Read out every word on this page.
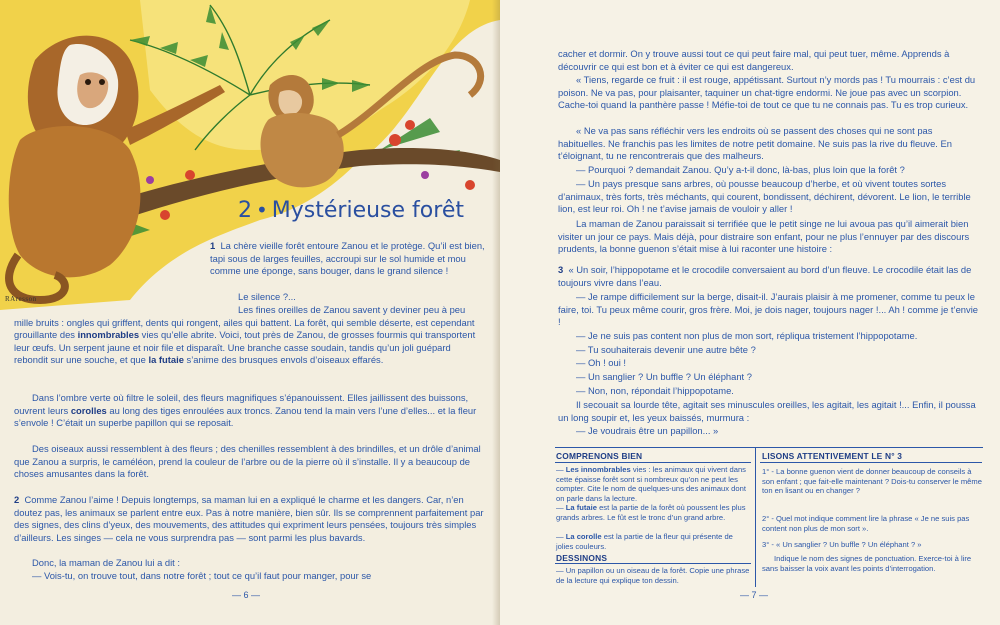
RAresson
2 • Mystérieuse forêt
1 La chère vieille forêt entoure Zanou et le protège. Qu’il est bien, tapi sous de larges feuilles, accroupi sur le sol humide et mou comme une éponge, sans bouger, dans le grand silence !
Le silence ?...
Les fines oreilles de Zanou savent y deviner peu à peu mille bruits : ongles qui griffent, dents qui rongent, ailes qui battent. La forêt, qui semble déserte, est cependant grouillante des innombrables vies qu’elle abrite. Voici, tout près de Zanou, de grosses fourmis qui transportent leur œufs. Un serpent jaune et noir file et disparaît. Une branche casse soudain, tandis qu’un joli guépard rebondit sur une souche, et que la futaie s’anime des brusques envols d’oiseaux effarés.
Dans l’ombre verte où filtre le soleil, des fleurs magnifiques s’épanouissent. Elles jaillissent des buissons, ouvrent leurs corolles au long des tiges enroulées aux troncs. Zanou tend la main vers l’une d’elles... et la fleur s’envole ! C’était un superbe papillon qui se reposait.
Des oiseaux aussi ressemblent à des fleurs ; des chenilles ressemblent à des brindilles, et un drôle d’animal que Zanou a surpris, le caméléon, prend la couleur de l’arbre ou de la pierre où il s’installe. Il y a beaucoup de choses amusantes dans la forêt.
2 Comme Zanou l’aime ! Depuis longtemps, sa maman lui en a expliqué le charme et les dangers. Car, n’en doutez pas, les animaux se parlent entre eux. Pas à notre manière, bien sûr. Ils se comprennent parfaitement par des signes, des clins d’yeux, des mouvements, des attitudes qui expriment leurs pensées, toujours très simples d’ailleurs. Les singes — cela ne vous surprendra pas — sont parmi les plus bavards.
Donc, la maman de Zanou lui a dit :
— Vois-tu, on trouve tout, dans notre forêt ; tout ce qu’il faut pour manger, pour se
— 6 —
cacher et dormir. On y trouve aussi tout ce qui peut faire mal, qui peut tuer, même. Apprends à découvrir ce qui est bon et à éviter ce qui est dangereux.
« Tiens, regarde ce fruit : il est rouge, appétissant. Surtout n’y mords pas ! Tu mourrais : c’est du poison. Ne va pas, pour plaisanter, taquiner un chat-tigre endormi. Ne joue pas avec un scorpion. Cache-toi quand la panthère passe ! Méfie-toi de tout ce que tu ne connais pas. Tu es trop curieux.
« Ne va pas sans réfléchir vers les endroits où se passent des choses qui ne sont pas habituelles. Ne franchis pas les limites de notre petit domaine. Ne suis pas la rive du fleuve. En t’éloignant, tu ne rencontrerais que des malheurs.
— Pourquoi ? demandait Zanou. Qu’y a-t-il donc, là-bas, plus loin que la forêt ?
— Un pays presque sans arbres, où pousse beaucoup d’herbe, et où vivent toutes sortes d’animaux, très forts, très méchants, qui courent, bondissent, déchirent, dévorent. Le lion, le terrible lion, est leur roi. Oh ! ne t’avise jamais de vouloir y aller !
La maman de Zanou paraissait si terrifiée que le petit singe ne lui avoua pas qu’il aimerait bien visiter un jour ce pays. Mais déjà, pour distraire son enfant, pour ne plus l’ennuyer par des discours prudents, la bonne guenon s’était mise à lui raconter une histoire :
3 « Un soir, l’hippopotame et le crocodile conversaient au bord d’un fleuve. Le crocodile était las de toujours vivre dans l’eau.
— Je rampe difficilement sur la berge, disait-il. J’aurais plaisir à me promener, comme tu peux le faire, toi. Tu peux même courir, gros frère. Moi, je dois nager, toujours nager !... Ah ! comme je t’envie !
— Je ne suis pas content non plus de mon sort, répliqua tristement l’hippopotame.
— Tu souhaiterais devenir une autre bête ?
— Oh ! oui !
— Un sanglier ? Un buffle ? Un éléphant ?
— Non, non, répondait l’hippopotame.
Il secouait sa lourde tête, agitait ses minuscules oreilles, les agitait, les agitait !... Enfin, il poussa un long soupir et, les yeux baissés, murmura :
— Je voudrais être un papillon... »
COMPRENONS BIEN
— Les innombrables vies : les animaux qui vivent dans cette épaisse forêt sont si nombreux qu’on ne peut les compter. Cite le nom de quelques-uns des animaux dont on parle dans la lecture.
— La futaie est la partie de la forêt où poussent les plus grands arbres. Le fût est le tronc d’un grand arbre.
— La corolle est la partie de la fleur qui présente de jolies couleurs.
DESSINONS
— Un papillon ou un oiseau de la forêt. Copie une phrase de la lecture qui explique ton dessin.
LISONS ATTENTIVEMENT LE N° 3
1° - La bonne guenon vient de donner beaucoup de conseils à son enfant ; que fait-elle maintenant ? Dois-tu conserver le même ton en lisant ou en changer ?
2° - Quel mot indique comment lire la phrase « Je ne suis pas content non plus de mon sort ».
3° - « Un sanglier ? Un buffle ? Un éléphant ? »
Indique le nom des signes de ponctuation. Exerce-toi à lire sans baisser la voix avant les points d’interrogation.
— 7 —
